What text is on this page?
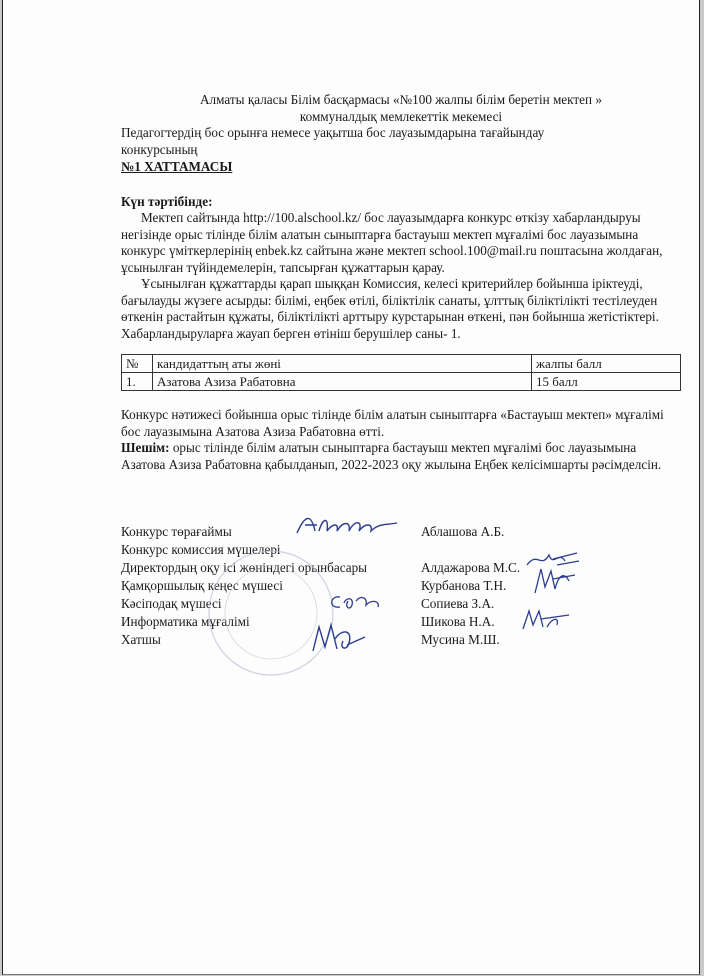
Алматы қаласы Білім басқармасы «№100 жалпы білім беретін мектеп »
коммуналдық мемлекеттік мекемесі
Педагогтердің бос орынға немесе уақытша бос лауазымдарына тағайындау
конкурсының
№1 ХАТТАМАСЫ
Күн тәртібінде:

Мектеп сайтында http://100.alschool.kz/ бос лауазымдарға конкурс өткізу хабарландыруы негізінде орыс тілінде білім алатын сыныптарға бастауыш мектеп мұғалімі бос лауазымына конкурс үміткерлерінің enbek.kz сайтына және мектеп school.100@mail.ru поштасына жолдаған, ұсынылған түйіндемелерін, тапсырған құжаттарын қарау.

Ұсынылған құжаттарды қарап шыққан Комиссия, келесі критерийлер бойынша іріктеуді, бағылауды жүзеге асырды: білімі, еңбек өтілі, біліктілік санаты, ұлттық біліктілікті тестілеуден өткенін растайтын құжаты, біліктілікті арттыру курстарынан өткені, пән бойынша жетістіктері.

Хабарландыруларға жауап берген өтініш берушілер саны- 1.

№	кандидаттың аты жөні	жалпы балл
1.	Азатова Азиза Рабатовна	15 балл

Конкурс нәтижесі бойынша орыс тілінде білім алатын сыныптарға «Бастауыш мектеп» мұғалімі бос лауазымына Азатова Азиза Рабатовна өтті.

Шешім: орыс тілінде білім алатын сыныптарға бастауыш мектеп мұғалімі бос лауазымына Азатова Азиза Рабатовна қабылданып, 2022-2023 оқу жылына Еңбек келісімшарты рәсімделсін.

Конкурс төрағаймы	Аблашова А.Б.
Конкурс комиссия мүшелері
Директордың оқу ісі жөніндегі орынбасары	Алдажарова М.С.
Қамқоршылық кеңес мүшесі	Курбанова Т.Н.
Кәсіподақ мүшесі	Сопиева З.А.
Информатика мұғалімі	Шикова Н.А.
Хатшы	Мусина М.Ш.
